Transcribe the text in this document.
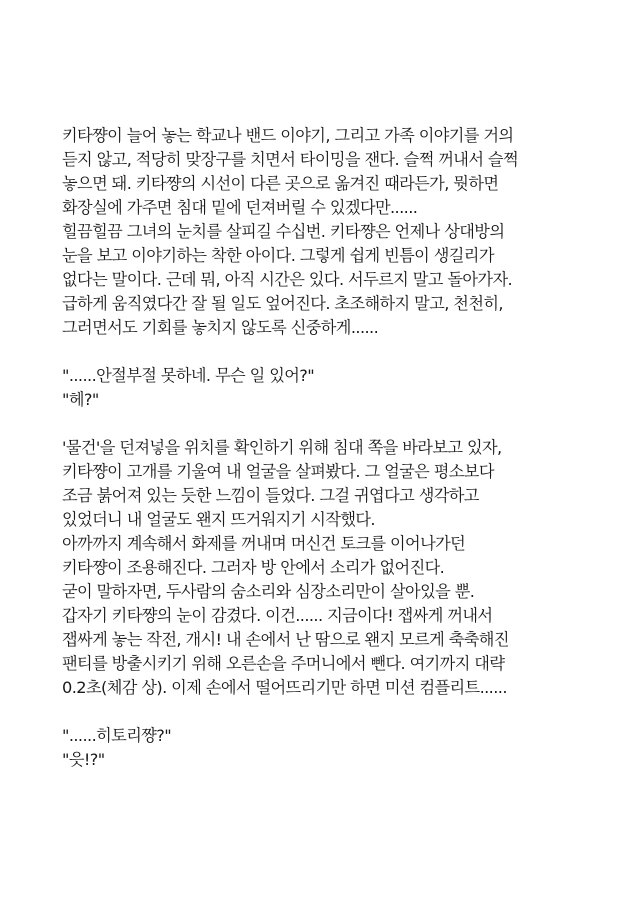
키타쨩이 늘어 놓는 학교나 밴드 이야기, 그리고 가족 이야기를 거의
듣지 않고, 적당히 맞장구를 치면서 타이밍을 잰다. 슬쩍 꺼내서 슬쩍
놓으면 돼. 키타쨩의 시선이 다른 곳으로 옮겨진 때라든가, 뭣하면
화장실에 가주면 침대 밑에 던져버릴 수 있겠다만......
힐끔힐끔 그녀의 눈치를 살피길 수십번. 키타쨩은 언제나 상대방의
눈을 보고 이야기하는 착한 아이다. 그렇게 쉽게 빈틈이 생길리가
없다는 말이다. 근데 뭐, 아직 시간은 있다. 서두르지 말고 돌아가자.
급하게 움직였다간 잘 될 일도 엎어진다. 초조해하지 말고, 천천히,
그러면서도 기회를 놓치지 않도록 신중하게......
"......안절부절 못하네. 무슨 일 있어?"
"헤?"
'물건'을 던져넣을 위치를 확인하기 위해 침대 쪽을 바라보고 있자,
키타쨩이 고개를 기울여 내 얼굴을 살펴봤다. 그 얼굴은 평소보다
조금 붉어져 있는 듯한 느낌이 들었다. 그걸 귀엽다고 생각하고
있었더니 내 얼굴도 왠지 뜨거워지기 시작했다.
아까까지 계속해서 화제를 꺼내며 머신건 토크를 이어나가던
키타쨩이 조용해진다. 그러자 방 안에서 소리가 없어진다.
굳이 말하자면, 두사람의 숨소리와 심장소리만이 살아있을 뿐.
갑자기 키타쨩의 눈이 감겼다. 이건...... 지금이다! 잽싸게 꺼내서
잽싸게 놓는 작전, 개시! 내 손에서 난 땀으로 왠지 모르게 축축해진
팬티를 방출시키기 위해 오른손을 주머니에서 뺀다. 여기까지 대략
0.2초(체감 상). 이제 손에서 떨어뜨리기만 하면 미션 컴플리트......
"......히토리쨩?"
"읏!?"
